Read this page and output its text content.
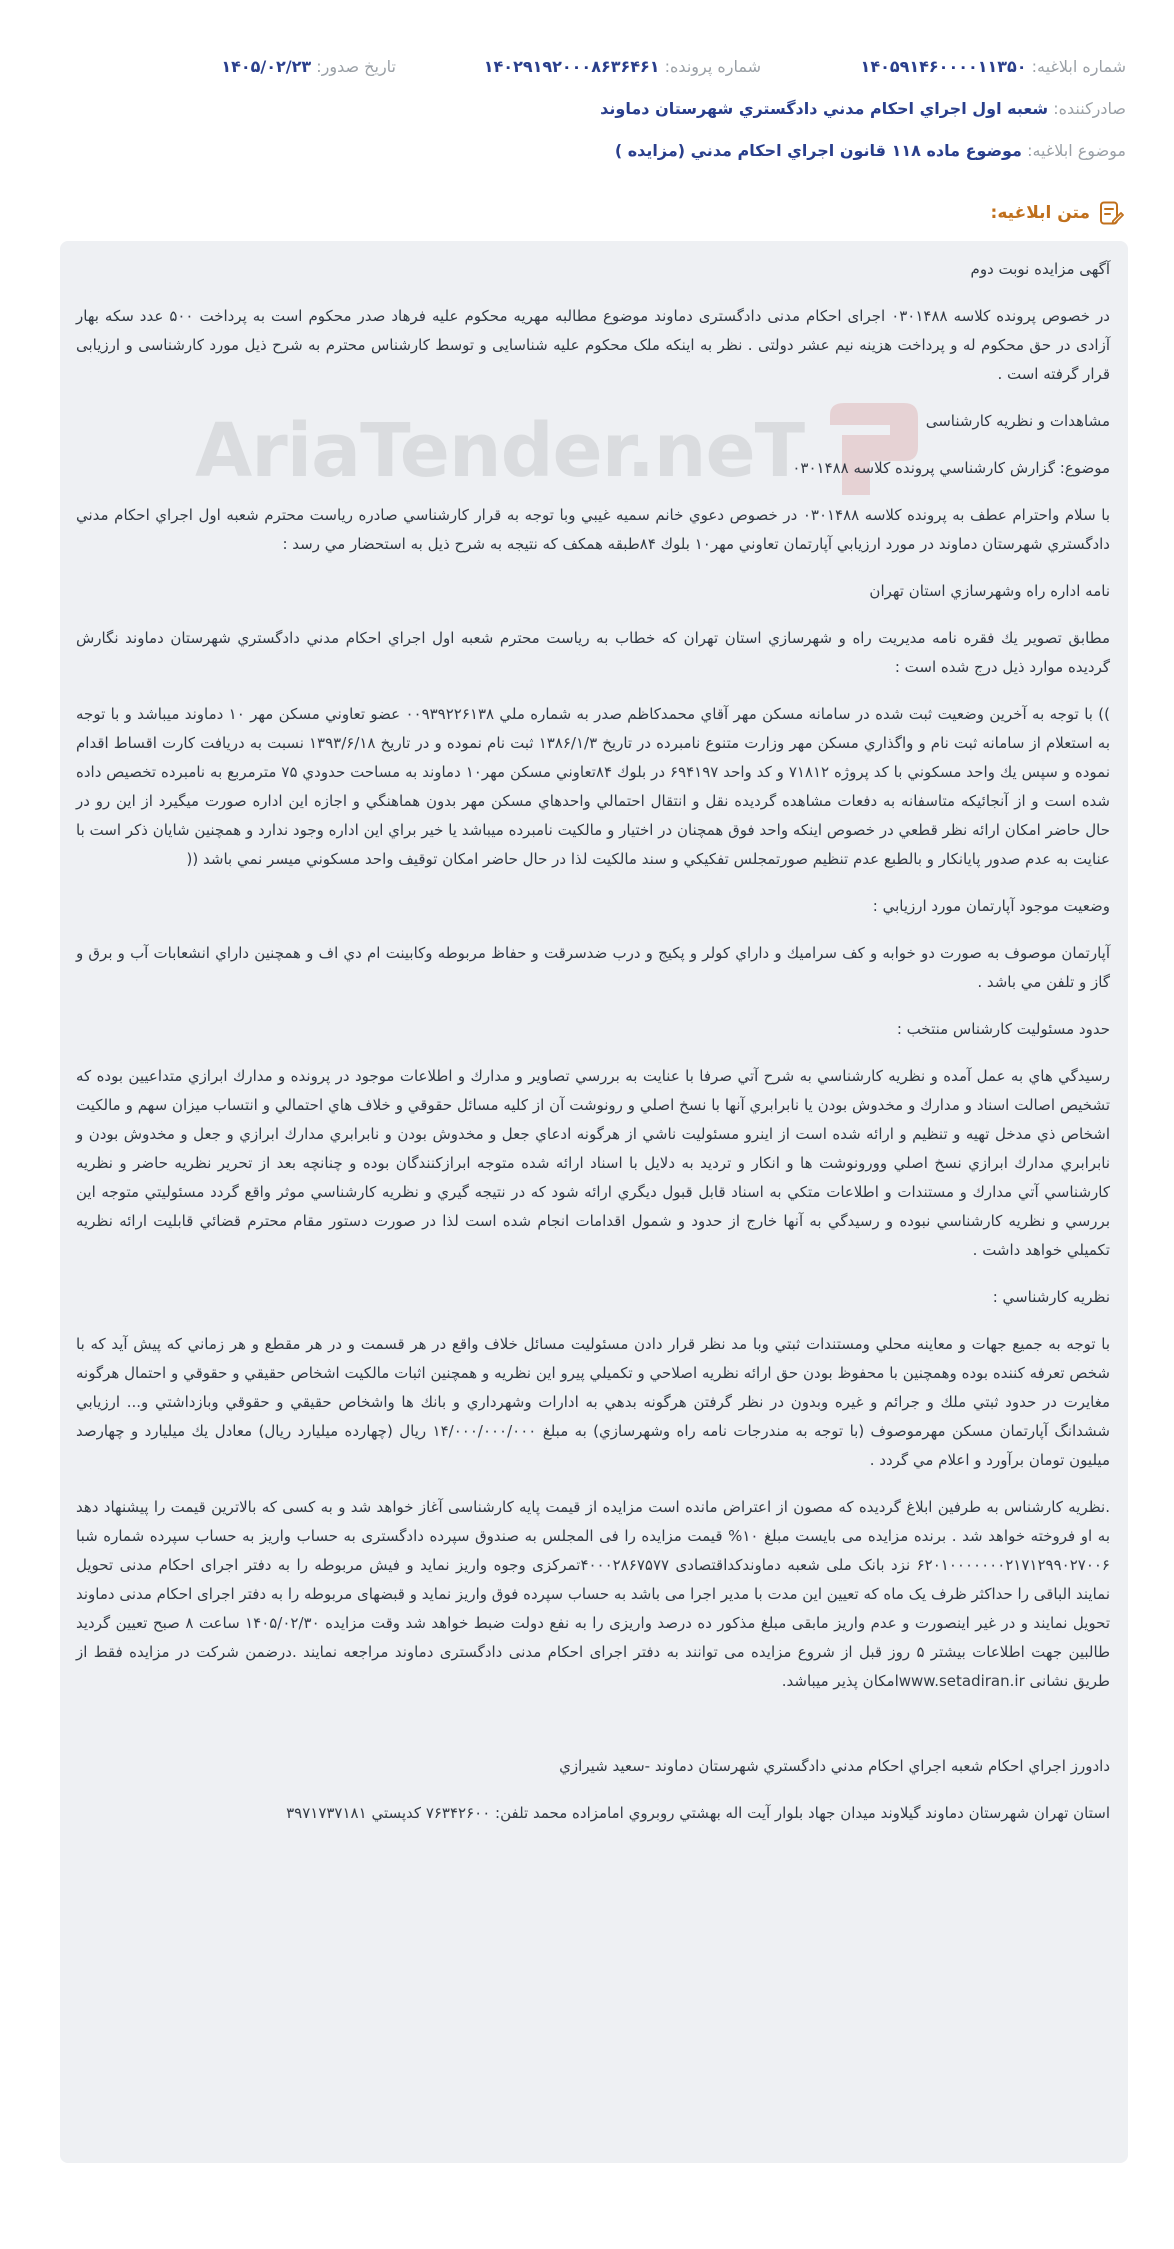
شماره ابلاغيه: ۱۴۰۵۹۱۴۶۰۰۰۰۱۱۳۵۰
شماره پرونده: ۱۴۰۲۹۱۹۲۰۰۰۸۶۳۶۴۶۱
تاريخ صدور: ۱۴۰۵/۰۲/۲۳
صادرکننده: شعبه اول اجراي احكام مدني دادگستري شهرستان دماوند
موضوع ابلاغيه: موضوع ماده ۱۱۸ قانون اجراي احكام مدني (مزايده )
متن ابلاغيه:

آگهی مزایده نوبت دوم

در خصوص پرونده کلاسه ۰۳۰۱۴۸۸ اجرای احکام مدنی دادگستری دماوند موضوع مطالبه مهریه محکوم علیه فرهاد صدر محکوم است به پرداخت ۵۰۰ عدد سکه بهار آزادی در حق محکوم له و پرداخت هزینه نیم عشر دولتی . نظر به اینکه ملک محکوم علیه شناسایی و توسط کارشناس محترم به شرح ذیل مورد کارشناسی و ارزیابی قرار گرفته است .

مشاهدات و نظریه کارشناسی

موضوع: گزارش كارشناسي پرونده كلاسه ۰۳۰۱۴۸۸

با سلام واحترام عطف به پرونده كلاسه ۰۳۰۱۴۸۸ در خصوص دعوي خانم سميه غيبي وبا توجه به قرار كارشناسي صادره رياست محترم شعبه اول اجراي احكام مدني دادگستري شهرستان دماوند در مورد ارزيابي آپارتمان تعاوني مهر۱۰ بلوك ۸۴طبقه همكف كه نتيجه به شرح ذيل به استحضار مي رسد :

نامه اداره راه وشهرسازي استان تهران

مطابق تصوير يك فقره نامه مديريت راه و شهرسازي استان تهران كه خطاب به رياست محترم شعبه اول اجراي احكام مدني دادگستري شهرستان دماوند نگارش گرديده موارد ذيل درج شده است :

)) با توجه به آخرين وضعيت ثبت شده در سامانه مسكن مهر آقاي محمدكاظم صدر به شماره ملي ۰۰۹۳۹۲۲۶۱۳۸ عضو تعاوني مسكن مهر ۱۰ دماوند ميباشد و با توجه به استعلام از سامانه ثبت نام و واگذاري مسكن مهر وزارت متنوع نامبرده در تاريخ ۱۳۸۶/۱/۳ ثبت نام نموده و در تاريخ ۱۳۹۳/۶/۱۸ نسبت به دريافت كارت اقساط اقدام نموده و سپس يك واحد مسكوني با كد پروژه ۷۱۸۱۲ و كد واحد ۶۹۴۱۹۷ در بلوك ۸۴تعاوني مسكن مهر۱۰ دماوند به مساحت حدودي ۷۵ مترمربع به نامبرده تخصيص داده شده است و از آنجائيكه متاسفانه به دفعات مشاهده گرديده نقل و انتقال احتمالي واحدهاي مسكن مهر بدون هماهنگي و اجازه اين اداره صورت ميگيرد از اين رو در حال حاضر امكان ارائه نظر قطعي در خصوص اينكه واحد فوق همچنان در اختيار و مالكيت نامبرده ميباشد يا خير براي اين اداره وجود ندارد و همچنين شايان ذكر است با عنايت به عدم صدور پايانكار و بالطبع عدم تنظيم صورتمجلس تفكيكي و سند مالكيت لذا در حال حاضر امكان توقيف واحد مسكوني ميسر نمي باشد ((

وضعيت موجود آپارتمان مورد ارزيابي :

آپارتمان موصوف به صورت دو خوابه و كف سراميك و داراي كولر و پكيج و درب ضدسرقت و حفاظ مربوطه وكابينت ام دي اف و همچنين داراي انشعابات آب و برق و گاز و تلفن مي باشد .

حدود مسئوليت كارشناس منتخب :

رسيدگي هاي به عمل آمده و نظريه كارشناسي به شرح آتي صرفا با عنايت به بررسي تصاوير و مدارك و اطلاعات موجود در پرونده و مدارك ابرازي متداعيين بوده كه تشخيص اصالت اسناد و مدارك و مخدوش بودن يا نابرابري آنها با نسخ اصلي و رونوشت آن از كليه مسائل حقوقي و خلاف هاي احتمالي و انتساب ميزان سهم و مالكيت اشخاص ذي مدخل تهيه و تنظيم و ارائه شده است از اينرو مسئوليت ناشي از هرگونه ادعاي جعل و مخدوش بودن و نابرابري مدارك ابرازي و جعل و مخدوش بودن و نابرابري مدارك ابرازي نسخ اصلي وورونوشت ها و انكار و ترديد به دلايل با اسناد ارائه شده متوجه ابرازكنندگان بوده و چنانچه بعد از تحرير نظريه حاضر و نظريه كارشناسي آتي مدارك و مستندات و اطلاعات متكي به اسناد قابل قبول ديگري ارائه شود كه در نتيجه گيري و نظريه كارشناسي موثر واقع گردد مسئوليتي متوجه اين بررسي و نظريه كارشناسي نبوده و رسيدگي به آنها خارج از حدود و شمول اقدامات انجام شده است لذا در صورت دستور مقام محترم قضائي قابليت ارائه نظريه تكميلي خواهد داشت .

نظريه كارشناسي :

با توجه به جميع جهات و معاينه محلي ومستندات ثبتي وبا مد نظر قرار دادن مسئوليت مسائل خلاف واقع در هر قسمت و در هر مقطع و هر زماني كه پيش آيد كه با شخص تعرفه كننده بوده وهمچنين با محفوظ بودن حق ارائه نظريه اصلاحي و تكميلي پيرو اين نظريه و همچنين اثبات مالكيت اشخاص حقيقي و حقوقي و احتمال هرگونه مغايرت در حدود ثبتي ملك و جرائم و غيره وبدون در نظر گرفتن هرگونه بدهي به ادارات وشهرداري و بانك ها واشخاص حقيقي و حقوقي وبازداشتي و... ارزيابي ششدانگ آپارتمان مسكن مهرموصوف (با توجه به مندرجات نامه راه وشهرسازي) به مبلغ ۱۴/۰۰۰/۰۰۰/۰۰۰ ريال (چهارده ميليارد ريال) معادل يك ميليارد و چهارصد ميليون تومان برآورد و اعلام مي گردد .

.نظريه کارشناس به طرفين ابلاغ گرديده که مصون از اعتراض مانده است مزايده از قيمت پايه کارشناسی آغاز خواهد شد و به کسی که بالاترين قيمت را پيشنهاد دهد به او فروخته خواهد شد . برنده مزايده می بايست مبلغ ۱۰% قيمت مزايده را فی المجلس به صندوق سپرده دادگستری به حساب واريز به حساب سپرده شماره شبا ۶۲۰۱۰۰۰۰۰۰۰۲۱۷۱۲۹۹۰۲۷۰۰۶ نزد بانک ملی شعبه دماوندکداقتصادی ۴۰۰۰۲۸۶۷۵۷۷تمرکزی وجوه واريز نمايد و فيش مربوطه را به دفتر اجرای احکام مدنی تحويل نمايند الباقی را حداکثر ظرف يک ماه که تعيين اين مدت با مدير اجرا می باشد به حساب سپرده فوق واريز نمايد و قبضهای مربوطه را به دفتر اجرای احکام مدنی دماوند تحويل نمايند و در غير اينصورت و عدم واريز مابقی مبلغ مذکور ده درصد واريزی را به نفع دولت ضبط خواهد شد وقت مزايده ۱۴۰۵/۰۲/۳۰ ساعت ۸ صبح تعيين گرديد طالبين جهت اطلاعات بيشتر ۵ روز قبل از شروع مزايده می توانند به دفتر اجرای احکام مدنی دادگستری دماوند مراجعه نمايند .درضمن شرکت در مزايده فقط از طريق نشانی www.setadiran.irامکان پذير ميباشد.

دادورز اجراي احكام شعبه اجراي احكام مدني دادگستري شهرستان دماوند -سعيد شيرازي

استان تهران شهرستان دماوند گيلاوند ميدان جهاد بلوار آيت اله بهشتي روبروي امامزاده محمد تلفن: ۷۶۳۴۲۶۰۰ كدپستي ۳۹۷۱۷۳۷۱۸۱
